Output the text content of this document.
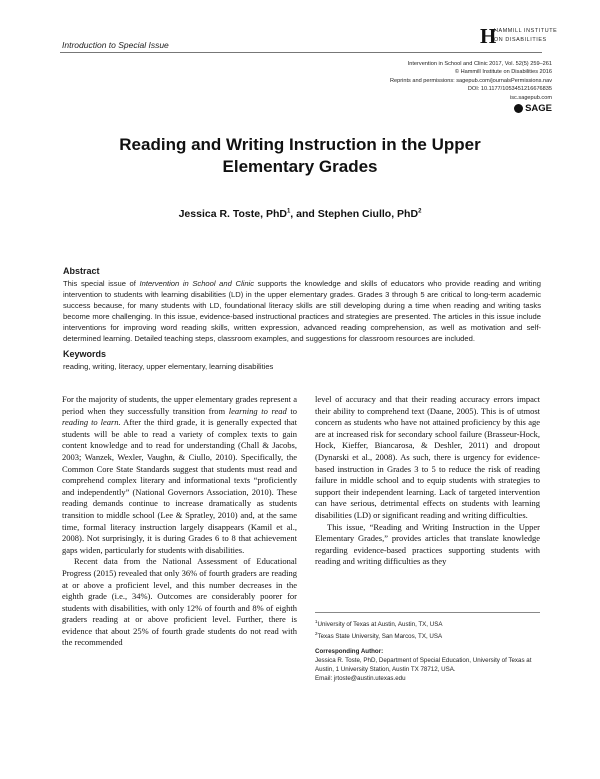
Introduction to Special Issue	H
HAMMILL INSTITUTE
ON DISABILITIES
Intervention in School and Clinic 2017, Vol. 52(5) 259–261
© Hammill Institute on Disabilities 2016
Reprints and permissions: sagepub.com/journalsPermissions.nav
DOI: 10.1177/1053451216676835
isc.sagepub.com
SAGE
Reading and Writing Instruction in the Upper Elementary Grades
Jessica R. Toste, PhD$^1$, and Stephen Ciullo, PhD$^2$
Abstract
This special issue of Intervention in School and Clinic supports the knowledge and skills of educators who provide reading and writing intervention to students with learning disabilities (LD) in the upper elementary grades. Grades 3 through 5 are critical to long-term academic success because, for many students with LD, foundational literacy skills are still developing during a time when reading and writing tasks become more challenging. In this issue, evidence-based instructional practices and strategies are presented. The articles in this issue include interventions for improving word reading skills, written expression, advanced reading comprehension, as well as motivation and self-determined learning. Detailed teaching steps, classroom examples, and suggestions for classroom resources are included.
Keywords
reading, writing, literacy, upper elementary, learning disabilities

For the majority of students, the upper elementary grades represent a period when they successfully transition from learning to read to reading to learn. After the third grade, it is generally expected that students will be able to read a variety of complex texts to gain content knowledge and to read for understanding (Chall & Jacobs, 2003; Wanzek, Wexler, Vaughn, & Ciullo, 2010). Specifically, the Common Core State Standards suggest that students must read and comprehend complex literary and informational texts “proficiently and independently” (National Governors Association, 2010). These reading demands continue to increase dramatically as students transition to middle school (Lee & Spratley, 2010) and, at the same time, formal literacy instruction largely disappears (Kamil et al., 2008). Not surprisingly, it is during Grades 6 to 8 that achievement gaps widen, particularly for students with disabilities.

Recent data from the National Assessment of Educational Progress (2015) revealed that only 36% of fourth graders are reading at or above a proficient level, and this number decreases in the eighth grade (i.e., 34%). Outcomes are considerably poorer for students with disabilities, with only 12% of fourth and 8% of eighth graders reading at or above proficient level. Further, there is evidence that about 25% of fourth grade students do not read with the recommended

level of accuracy and that their reading accuracy errors impact their ability to comprehend text (Daane, 2005). This is of utmost concern as students who have not attained proficiency by this age are at increased risk for secondary school failure (Brasseur-Hock, Hock, Kieffer, Biancarosa, & Deshler, 2011) and dropout (Dynarski et al., 2008). As such, there is urgency for evidence-based instruction in Grades 3 to 5 to reduce the risk of reading failure in middle school and to equip students with strategies to support their independent learning. Lack of targeted intervention can have serious, detrimental effects on students with learning disabilities (LD) or significant reading and writing difficulties.

This issue, “Reading and Writing Instruction in the Upper Elementary Grades,” provides articles that translate knowledge regarding evidence-based practices supporting students with reading and writing difficulties as they

$^1$University of Texas at Austin, Austin, TX, USA
$^2$Texas State University, San Marcos, TX, USA
Corresponding Author:
Jessica R. Toste, PhD, Department of Special Education, University of Texas at Austin, 1 University Station, Austin TX 78712, USA.
Email: jrtoste@austin.utexas.edu
